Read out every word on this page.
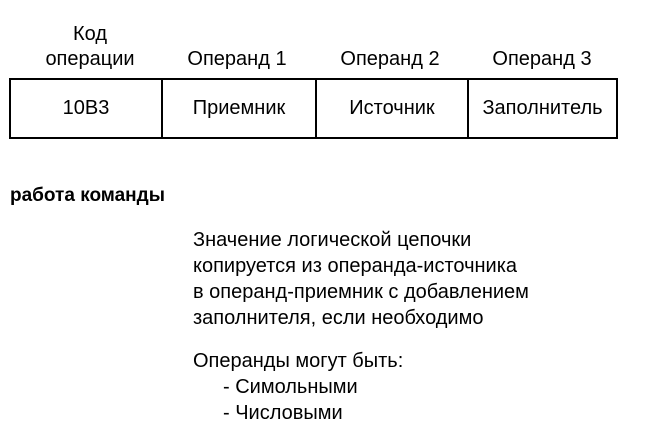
Код
операции	Операнд 1	Операнд 2	Операнд 3
10B3	Приемник	Источник	Заполнитель
работа команды
Значение логической цепочки
копируется из операнда-источника
в операнд-приемник с добавлением
заполнителя, если необходимо
Операнды могут быть:
- Симольными
- Числовыми
